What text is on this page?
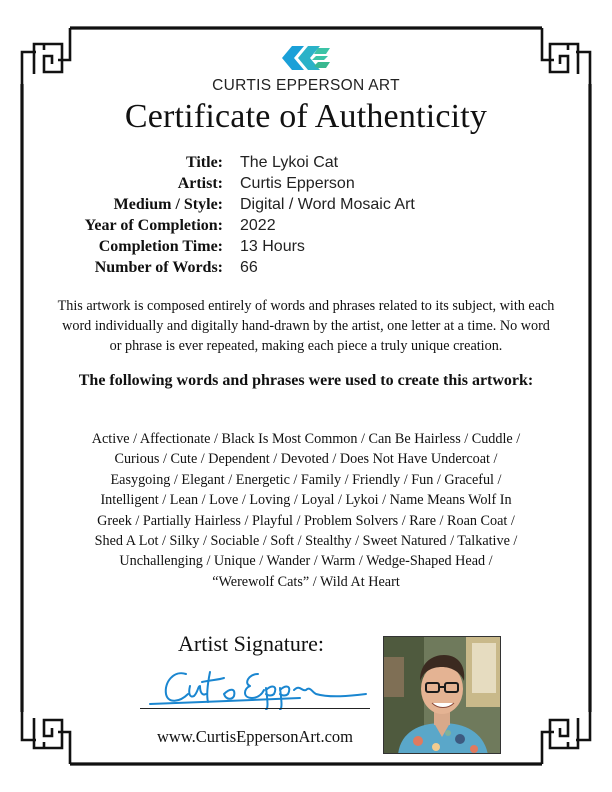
CURTIS EPPERSON ART
Certificate of Authenticity
Title:	The Lykoi Cat
Artist:	Curtis Epperson
Medium / Style:	Digital / Word Mosaic Art
Year of Completion:	2022
Completion Time:	13 Hours
Number of Words:	66

This artwork is composed entirely of words and phrases related to its subject, with each word individually and digitally hand-drawn by the artist, one letter at a time. No word or phrase is ever repeated, making each piece a truly unique creation.

The following words and phrases were used to create this artwork:

Active / Affectionate / Black Is Most Common / Can Be Hairless / Cuddle / Curious / Cute / Dependent / Devoted / Does Not Have Undercoat / Easygoing / Elegant / Energetic / Family / Friendly / Fun / Graceful / Intelligent / Lean / Love / Loving / Loyal / Lykoi / Name Means Wolf In Greek / Partially Hairless / Playful / Problem Solvers / Rare / Roan Coat / Shed A Lot / Silky / Sociable / Soft / Stealthy / Sweet Natured / Talkative / Unchallenging / Unique / Wander / Warm / Wedge-Shaped Head / “Werewolf Cats” / Wild At Heart

Artist Signature:
www.CurtisEppersonArt.com
